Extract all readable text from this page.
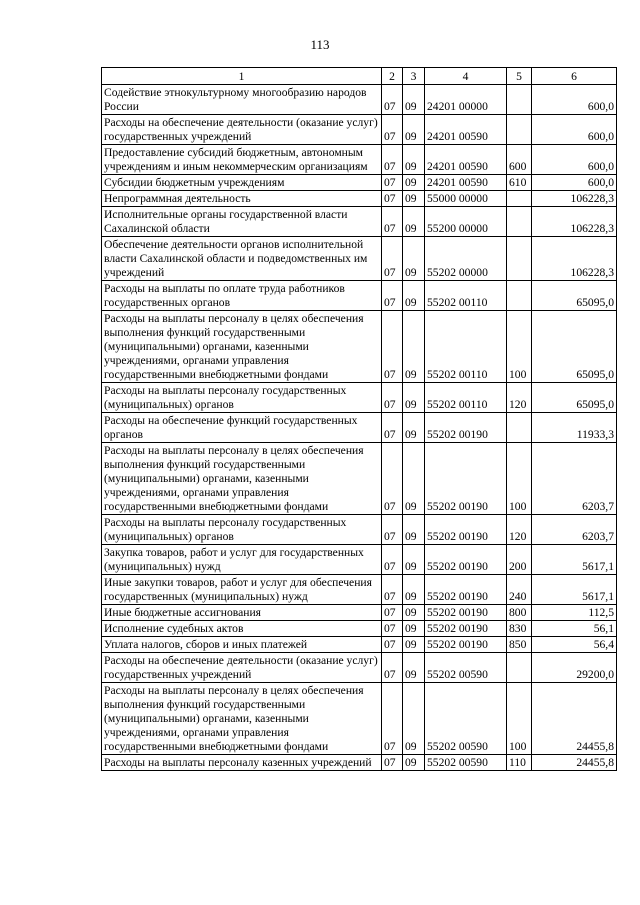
113
1	2	3	4	5	6
Содействие этнокультурному многообразию народов России	07	09	24201 00000		600,0
Расходы на обеспечение деятельности (оказание услуг) государственных учреждений	07	09	24201 00590		600,0
Предоставление субсидий бюджетным, автономным учреждениям и иным некоммерческим организациям	07	09	24201 00590	600	600,0
Субсидии бюджетным учреждениям	07	09	24201 00590	610	600,0
Непрограммная деятельность	07	09	55000 00000		106228,3
Исполнительные органы государственной власти Сахалинской области	07	09	55200 00000		106228,3
Обеспечение деятельности органов исполнительной власти Сахалинской области и подведомственных им учреждений	07	09	55202 00000		106228,3
Расходы на выплаты по оплате труда работников государственных органов	07	09	55202 00110		65095,0
Расходы на выплаты персоналу в целях обеспечения выполнения функций государственными (муниципальными) органами, казенными учреждениями, органами управления государственными внебюджетными фондами	07	09	55202 00110	100	65095,0
Расходы на выплаты персоналу государственных (муниципальных) органов	07	09	55202 00110	120	65095,0
Расходы на обеспечение функций государственных органов	07	09	55202 00190		11933,3
Расходы на выплаты персоналу в целях обеспечения выполнения функций государственными (муниципальными) органами, казенными учреждениями, органами управления государственными внебюджетными фондами	07	09	55202 00190	100	6203,7
Расходы на выплаты персоналу государственных (муниципальных) органов	07	09	55202 00190	120	6203,7
Закупка товаров, работ и услуг для государственных (муниципальных) нужд	07	09	55202 00190	200	5617,1
Иные закупки товаров, работ и услуг для обеспечения государственных (муниципальных) нужд	07	09	55202 00190	240	5617,1
Иные бюджетные ассигнования	07	09	55202 00190	800	112,5
Исполнение судебных актов	07	09	55202 00190	830	56,1
Уплата налогов, сборов и иных платежей	07	09	55202 00190	850	56,4
Расходы на обеспечение деятельности (оказание услуг) государственных учреждений	07	09	55202 00590		29200,0
Расходы на выплаты персоналу в целях обеспечения выполнения функций государственными (муниципальными) органами, казенными учреждениями, органами управления государственными внебюджетными фондами	07	09	55202 00590	100	24455,8
Расходы на выплаты персоналу казенных учреждений	07	09	55202 00590	110	24455,8
